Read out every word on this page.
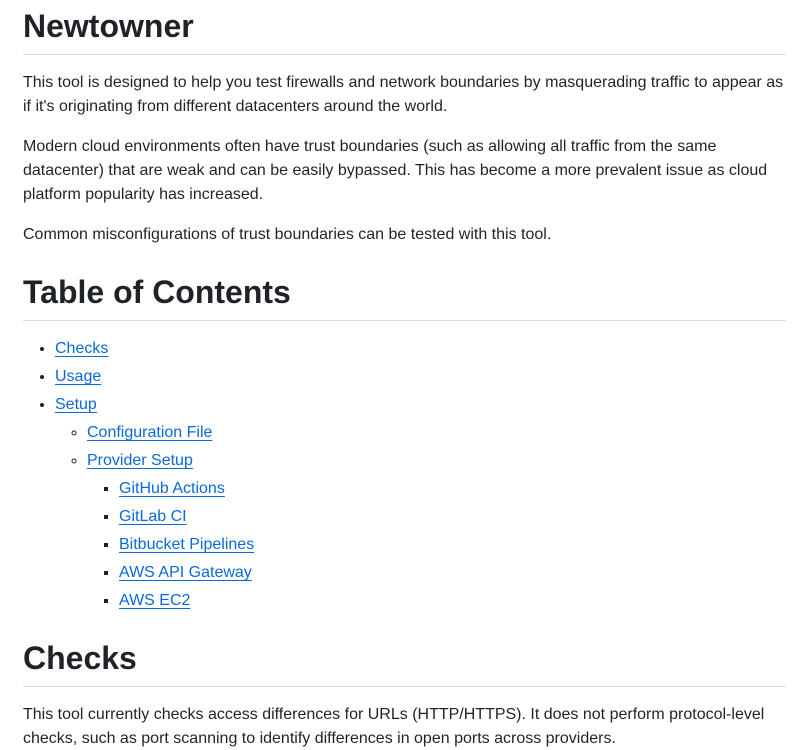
Newtowner

This tool is designed to help you test firewalls and network boundaries by masquerading traffic to appear as if it's originating from different datacenters around the world.

Modern cloud environments often have trust boundaries (such as allowing all traffic from the same datacenter) that are weak and can be easily bypassed. This has become a more prevalent issue as cloud platform popularity has increased.

Common misconfigurations of trust boundaries can be tested with this tool.

Table of Contents
• Checks
• Usage
• Setup
◦ Configuration File
◦ Provider Setup
▪ GitHub Actions
▪ GitLab CI
▪ Bitbucket Pipelines
▪ AWS API Gateway
▪ AWS EC2
Checks

This tool currently checks access differences for URLs (HTTP/HTTPS). It does not perform protocol-level checks, such as port scanning to identify differences in open ports across providers.
